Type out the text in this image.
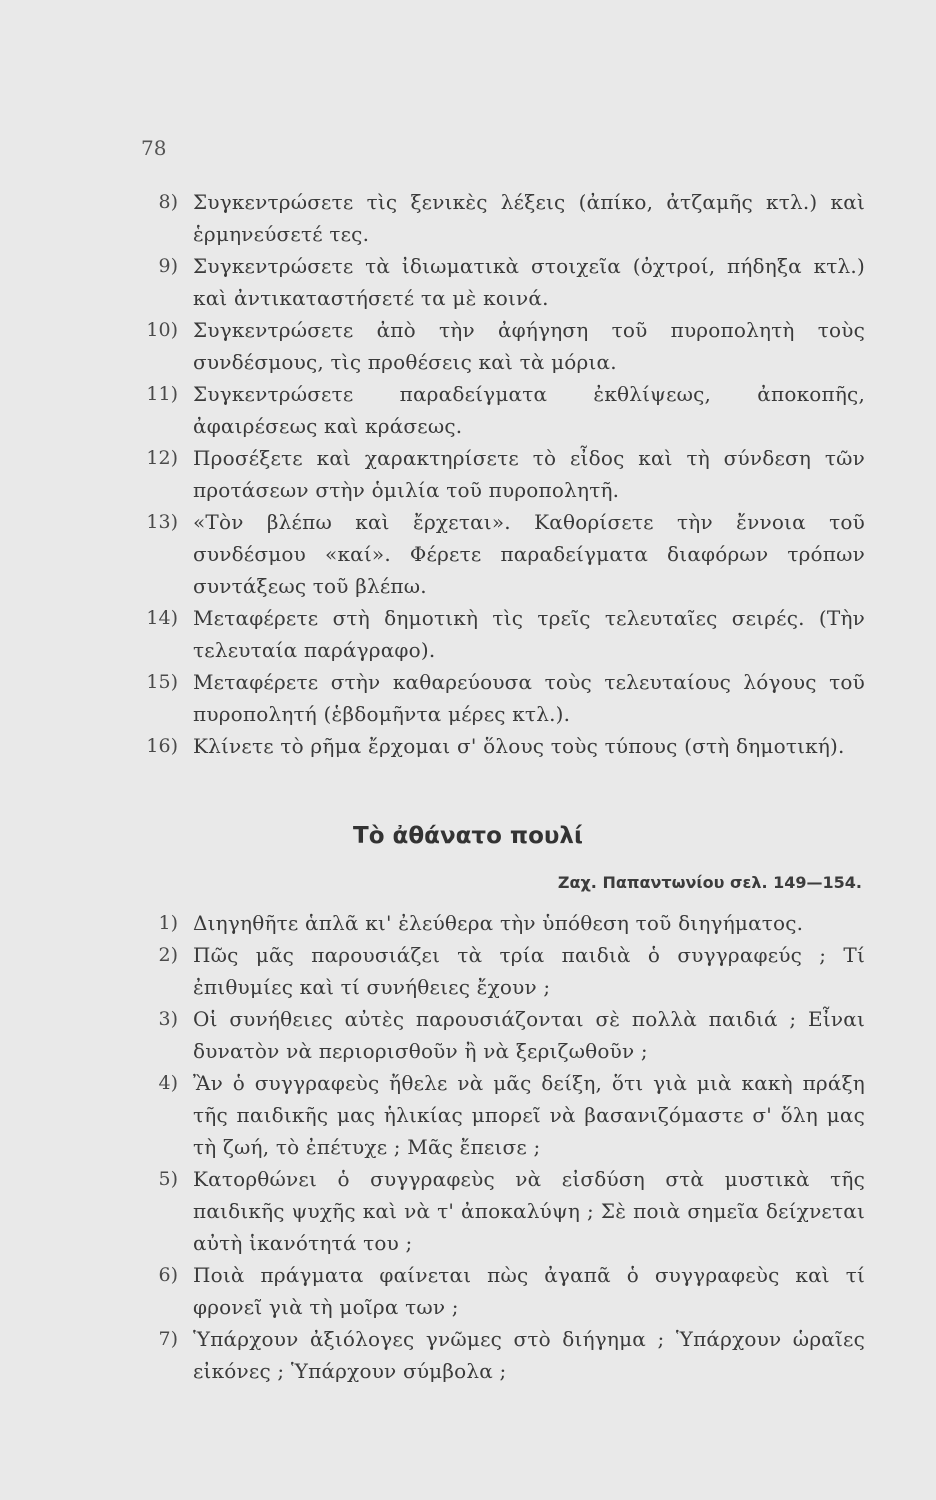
78
8) Συγκεντρώσετε τὶς ξενικὲς λέξεις (ἀπίκο, ἀτζαμῆς κτλ.) καὶ ἑρμηνεύσετέ τες.
9) Συγκεντρώσετε τὰ ἰδιωματικὰ στοιχεῖα (ὀχτροί, πήδηξα κτλ.) καὶ ἀντικαταστήσετέ τα μὲ κοινά.
10) Συγκεντρώσετε ἀπὸ τὴν ἀφήγηση τοῦ πυροπολητὴ τοὺς συνδέσμους, τὶς προθέσεις καὶ τὰ μόρια.
11) Συγκεντρώσετε παραδείγματα ἐκθλίψεως, ἀποκοπῆς, ἀφαιρέσεως καὶ κράσεως.
12) Προσέξετε καὶ χαρακτηρίσετε τὸ εἶδος καὶ τὴ σύνδεση τῶν προτάσεων στὴν ὁμιλία τοῦ πυροπολητῆ.
13) «Τὸν βλέπω καὶ ἔρχεται». Καθορίσετε τὴν ἔννοια τοῦ συνδέσμου «καί». Φέρετε παραδείγματα διαφόρων τρόπων συντάξεως τοῦ βλέπω.
14) Μεταφέρετε στὴ δημοτικὴ τὶς τρεῖς τελευταῖες σειρές. (Τὴν τελευταία παράγραφο).
15) Μεταφέρετε στὴν καθαρεύουσα τοὺς τελευταίους λόγους τοῦ πυροπολητή (ἑβδομῆντα μέρες κτλ.).
16) Κλίνετε τὸ ρῆμα ἔρχομαι σ' ὅλους τοὺς τύπους (στὴ δημοτική).
Τὸ ἀθάνατο πουλί
Ζαχ. Παπαντωνίου σελ. 149—154.
1) Διηγηθῆτε ἁπλᾶ κι' ἐλεύθερα τὴν ὑπόθεση τοῦ διηγήματος.
2) Πῶς μᾶς παρουσιάζει τὰ τρία παιδιὰ ὁ συγγραφεύς ; Τί ἐπιθυμίες καὶ τί συνήθειες ἔχουν ;
3) Οἱ συνήθειες αὐτὲς παρουσιάζονται σὲ πολλὰ παιδιά ; Εἶναι δυνατὸν νὰ περιορισθοῦν ἢ νὰ ξεριζωθοῦν ;
4) Ἂν ὁ συγγραφεὺς ἤθελε νὰ μᾶς δείξη, ὅτι γιὰ μιὰ κακὴ πράξη τῆς παιδικῆς μας ἡλικίας μπορεῖ νὰ βασανιζόμαστε σ' ὅλη μας τὴ ζωή, τὸ ἐπέτυχε ; Μᾶς ἔπεισε ;
5) Κατορθώνει ὁ συγγραφεὺς νὰ εἰσδύση στὰ μυστικὰ τῆς παιδικῆς ψυχῆς καὶ νὰ τ' ἀποκαλύψη ; Σὲ ποιὰ σημεῖα δείχνεται αὐτὴ ἱκανότητά του ;
6) Ποιὰ πράγματα φαίνεται πὼς ἀγαπᾶ ὁ συγγραφεὺς καὶ τί φρονεῖ γιὰ τὴ μοῖρα των ;
7) Ὑπάρχουν ἀξιόλογες γνῶμες στὸ διήγημα ; Ὑπάρχουν ὡραῖες εἰκόνες ; Ὑπάρχουν σύμβολα ;
